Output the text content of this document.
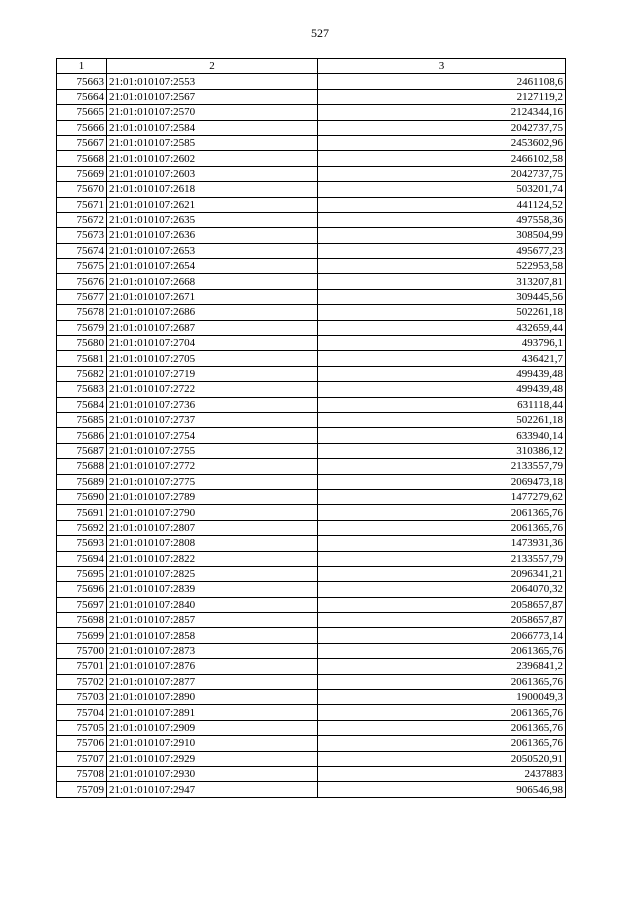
527
1	2	3
75663	21:01:010107:2553	2461108,6
75664	21:01:010107:2567	2127119,2
75665	21:01:010107:2570	2124344,16
75666	21:01:010107:2584	2042737,75
75667	21:01:010107:2585	2453602,96
75668	21:01:010107:2602	2466102,58
75669	21:01:010107:2603	2042737,75
75670	21:01:010107:2618	503201,74
75671	21:01:010107:2621	441124,52
75672	21:01:010107:2635	497558,36
75673	21:01:010107:2636	308504,99
75674	21:01:010107:2653	495677,23
75675	21:01:010107:2654	522953,58
75676	21:01:010107:2668	313207,81
75677	21:01:010107:2671	309445,56
75678	21:01:010107:2686	502261,18
75679	21:01:010107:2687	432659,44
75680	21:01:010107:2704	493796,1
75681	21:01:010107:2705	436421,7
75682	21:01:010107:2719	499439,48
75683	21:01:010107:2722	499439,48
75684	21:01:010107:2736	631118,44
75685	21:01:010107:2737	502261,18
75686	21:01:010107:2754	633940,14
75687	21:01:010107:2755	310386,12
75688	21:01:010107:2772	2133557,79
75689	21:01:010107:2775	2069473,18
75690	21:01:010107:2789	1477279,62
75691	21:01:010107:2790	2061365,76
75692	21:01:010107:2807	2061365,76
75693	21:01:010107:2808	1473931,36
75694	21:01:010107:2822	2133557,79
75695	21:01:010107:2825	2096341,21
75696	21:01:010107:2839	2064070,32
75697	21:01:010107:2840	2058657,87
75698	21:01:010107:2857	2058657,87
75699	21:01:010107:2858	2066773,14
75700	21:01:010107:2873	2061365,76
75701	21:01:010107:2876	2396841,2
75702	21:01:010107:2877	2061365,76
75703	21:01:010107:2890	1900049,3
75704	21:01:010107:2891	2061365,76
75705	21:01:010107:2909	2061365,76
75706	21:01:010107:2910	2061365,76
75707	21:01:010107:2929	2050520,91
75708	21:01:010107:2930	2437883
75709	21:01:010107:2947	906546,98
